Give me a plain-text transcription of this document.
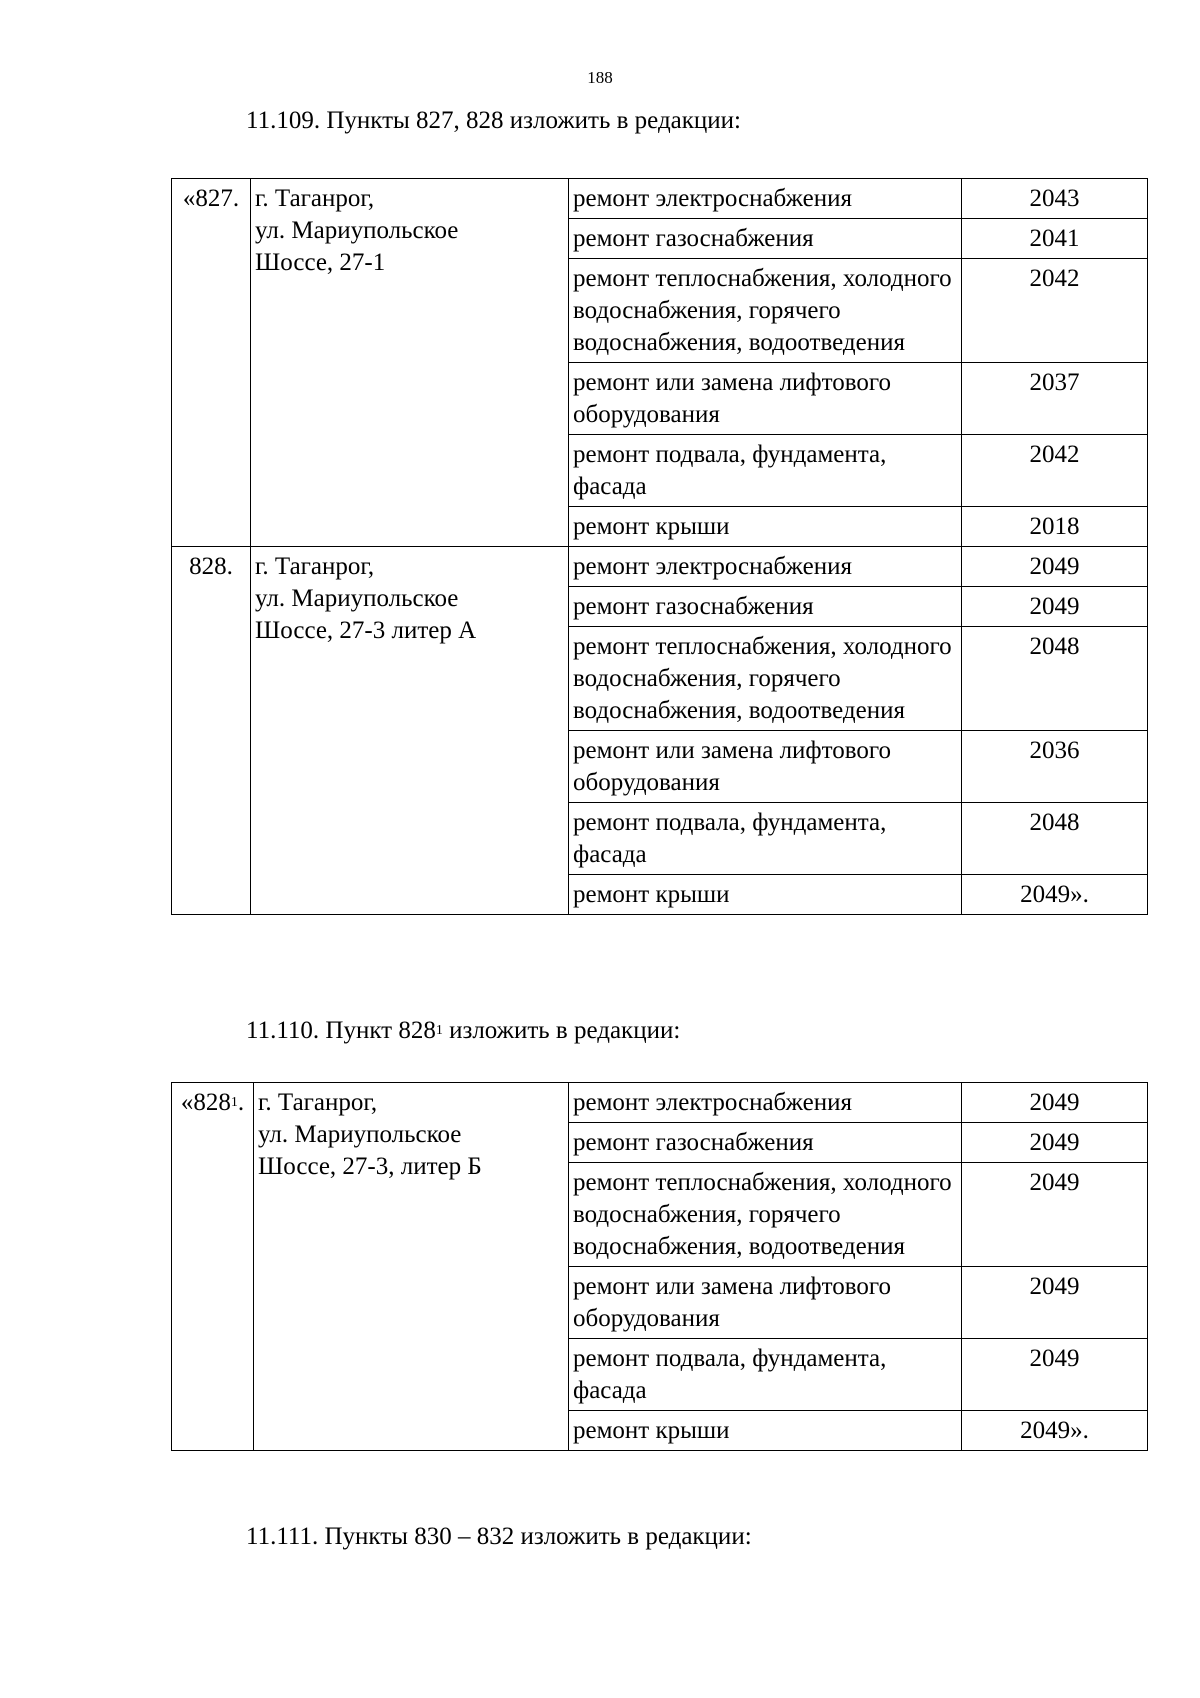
188
11.109. Пункты 827, 828 изложить в редакции:
«827.	г. Таганрог,
ул. Мариупольское
Шоссе, 27-1	ремонт электроснабжения	2043
		ремонт газоснабжения	2041
		ремонт теплоснабжения, холодного водоснабжения, горячего водоснабжения, водоотведения	2042
		ремонт или замена лифтового оборудования	2037
		ремонт подвала, фундамента, фасада	2042
		ремонт крыши	2018
828.	г. Таганрог,
ул. Мариупольское
Шоссе, 27-3 литер А	ремонт электроснабжения	2049
		ремонт газоснабжения	2049
		ремонт теплоснабжения, холодного водоснабжения, горячего водоснабжения, водоотведения	2048
		ремонт или замена лифтового оборудования	2036
		ремонт подвала, фундамента, фасада	2048
		ремонт крыши	2049».
11.110. Пункт $828^1$ изложить в редакции:
«$828^1$.	г. Таганрог,
ул. Мариупольское
Шоссе, 27-3, литер Б	ремонт электроснабжения	2049
		ремонт газоснабжения	2049
		ремонт теплоснабжения, холодного водоснабжения, горячего водоснабжения, водоотведения	2049
		ремонт или замена лифтового оборудования	2049
		ремонт подвала, фундамента, фасада	2049
		ремонт крыши	2049».
11.111. Пункты 830 – 832 изложить в редакции:
